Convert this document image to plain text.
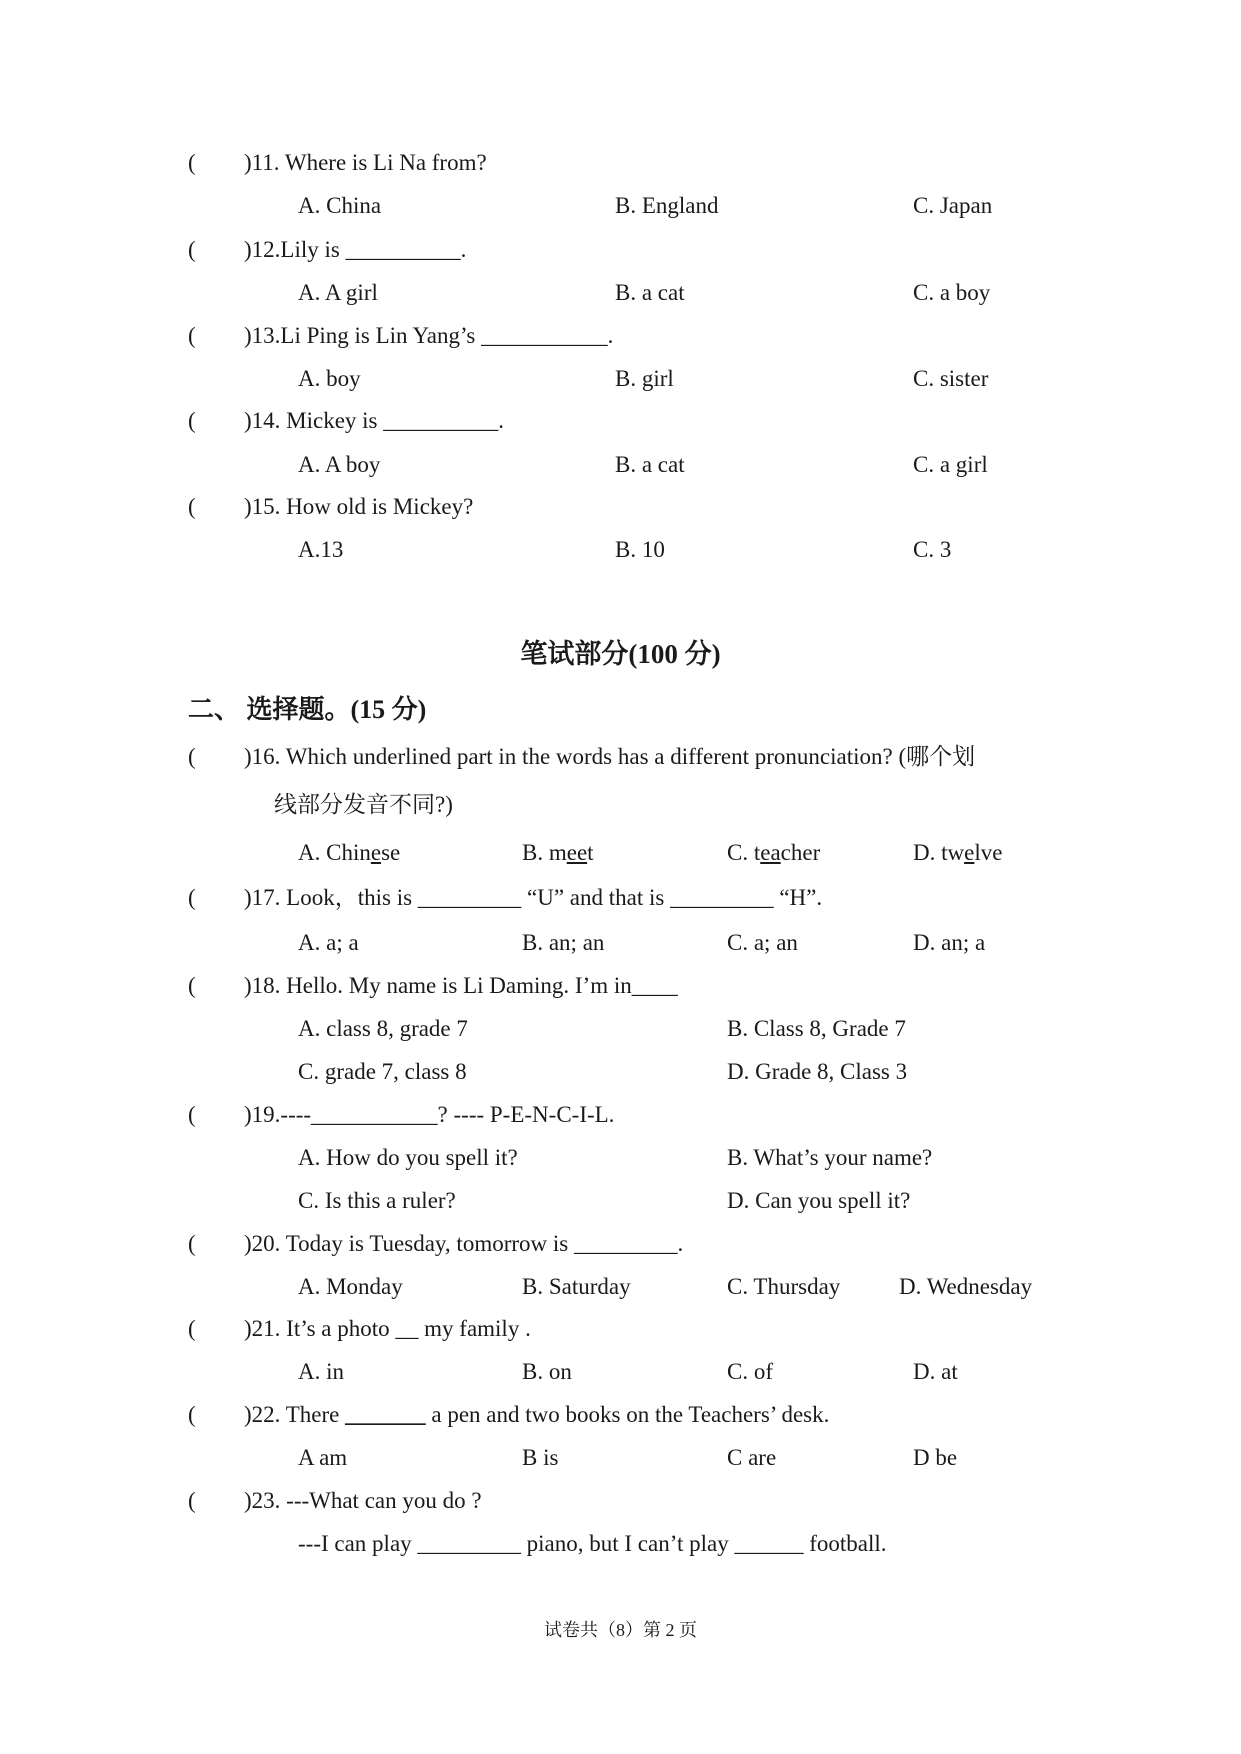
( )11. Where is Li Na from?
A. China	B. England	C. Japan
( )12.Lily is __________.
A. A girl	B. a cat	C. a boy
( )13.Li Ping is Lin Yang’s ___________.
A. boy	B. girl	C. sister
( )14. Mickey is __________.
A. A boy	B. a cat	C. a girl
( )15. How old is Mickey?
A.13	B. 10	C. 3
笔试部分(100 分)
二、 选择题。(15 分)
( )16. Which underlined part in the words has a different pronunciation? (哪个划
线部分发音不同?)
A. Chinese	B. meet	C. teacher	D. twelve
( )17. Look，this is _________ “U” and that is _________ “H”.
A. a; a	B. an; an	C. a; an	D. an; a
( )18. Hello. My name is Li Daming. I’m in____
A. class 8, grade 7	B. Class 8, Grade 7
C. grade 7, class 8	D. Grade 8, Class 3
( )19.----___________? ---- P-E-N-C-I-L.
A. How do you spell it?	B. What’s your name?
C. Is this a ruler?	D. Can you spell it?
( )20. Today is Tuesday, tomorrow is _________.
A. Monday	B. Saturday	C. Thursday	D. Wednesday
( )21. It’s a photo __ my family .
A. in	B. on	C. of	D. at
( )22. There _______ a pen and two books on the Teachers’ desk.
A am	B is	C are	D be
( )23. ---What can you do ?
---I can play _________ piano, but I can’t play ______ football.
试卷共（8）第 2 页
